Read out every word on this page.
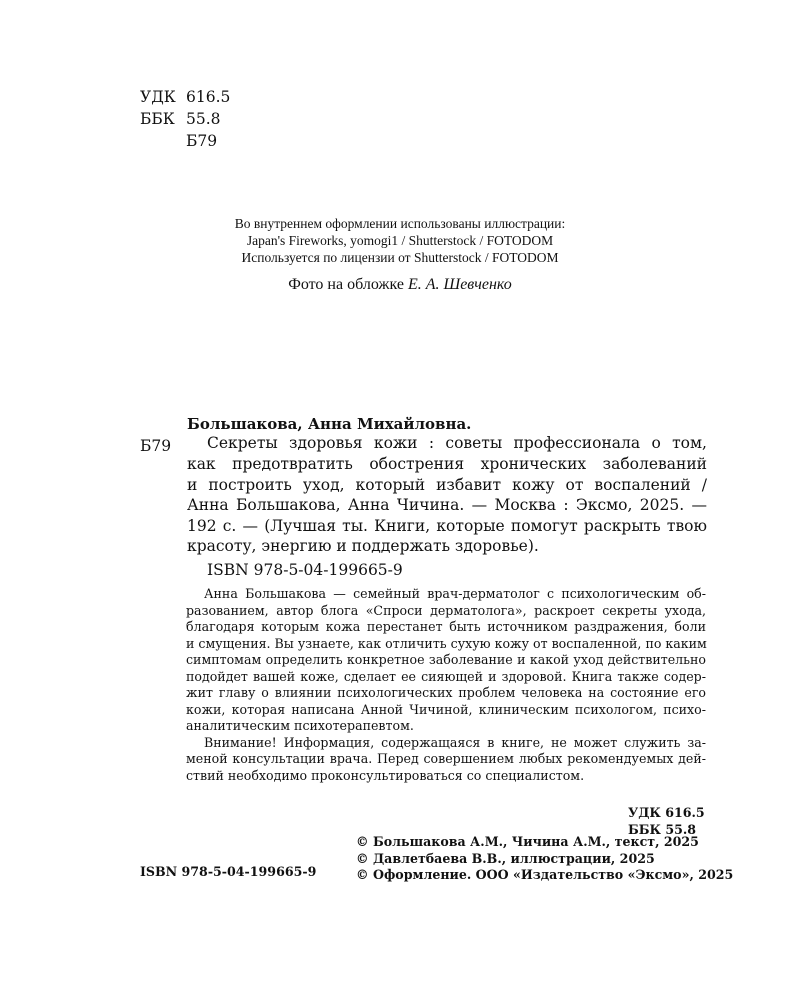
УДК 616.5
ББК 55.8
Б79
Во внутреннем оформлении использованы иллюстрации:
Japan's Fireworks, yomogi1 / Shutterstock / FOTODOM
Используется по лицензии от Shutterstock / FOTODOM
Фото на обложке Е. А. Шевченко
Большакова, Анна Михайловна.
Б79	Секреты здоровья кожи : советы профессионала о том,
как предотвратить обострения хронических заболеваний
и построить уход, который избавит кожу от воспалений /
Анна Большакова, Анна Чичина. — Москва : Эксмо, 2025. —
192 с. — (Лучшая ты. Книги, которые помогут раскрыть твою
красоту, энергию и поддержать здоровье).
ISBN 978-5-04-199665-9
Анна Большакова — семейный врач-дерматолог с психологическим об-
разованием, автор блога «Спроси дерматолога», раскроет секреты ухода,
благодаря которым кожа перестанет быть источником раздражения, боли
и смущения. Вы узнаете, как отличить сухую кожу от воспаленной, по каким
симптомам определить конкретное заболевание и какой уход действительно
подойдет вашей коже, сделает ее сияющей и здоровой. Книга также содер-
жит главу о влиянии психологических проблем человека на состояние его
кожи, которая написана Анной Чичиной, клиническим психологом, психо-
аналитическим психотерапевтом.
Внимание! Информация, содержащаяся в книге, не может служить за-
меной консультации врача. Перед совершением любых рекомендуемых дей-
ствий необходимо проконсультироваться со специалистом.
УДК 616.5
ББК 55.8
ISBN 978-5-04-199665-9
© Большакова А.М., Чичина А.М., текст, 2025
© Давлетбаева В.В., иллюстрации, 2025
© Оформление. ООО «Издательство «Эксмо», 2025
